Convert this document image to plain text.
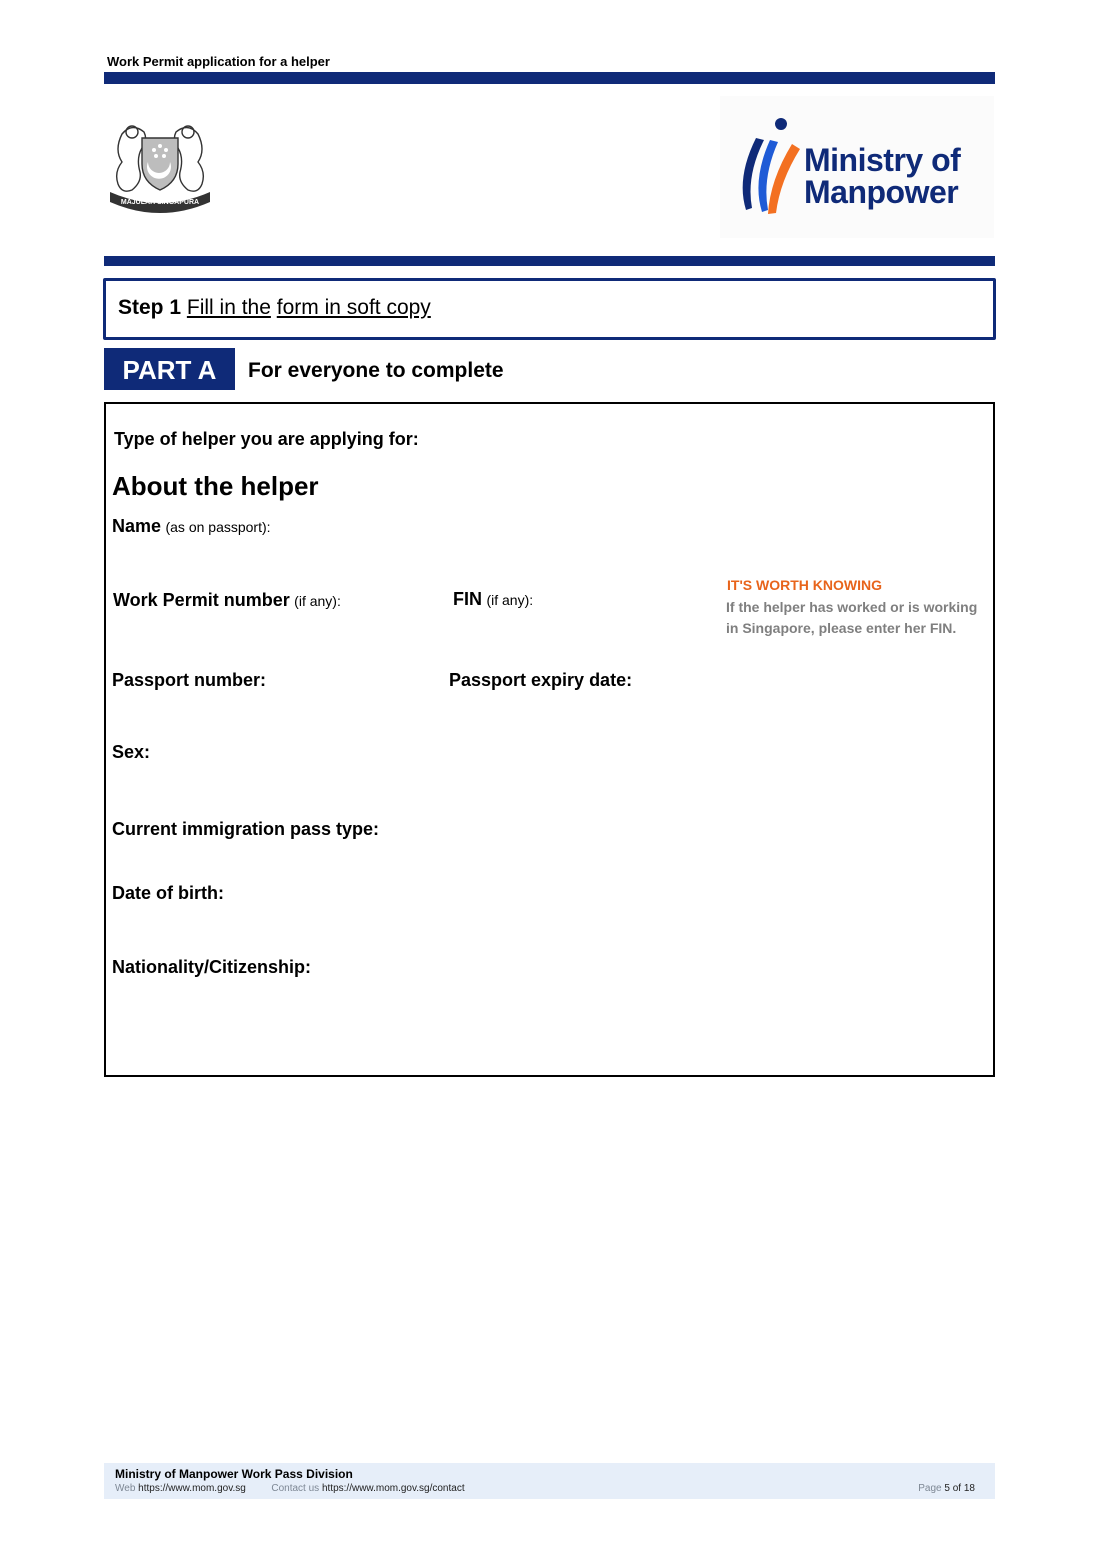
Work Permit application for a helper
MAJULAH SINGAPURA
Ministry of
Manpower
Step 1 Fill in the form in soft copy
PART A	For everyone to complete
Type of helper you are applying for:
About the helper
Name (as on passport):
Work Permit number (if any):	FIN (if any):
IT'S WORTH KNOWING
If the helper has worked or is working in Singapore, please enter her FIN.
Passport number:	Passport expiry date:
Sex:
Current immigration pass type:
Date of birth:
Nationality/Citizenship:
Ministry of Manpower Work Pass Division
Web https://www.mom.gov.sg	Contact us https://www.mom.gov.sg/contact	Page 5 of 18
